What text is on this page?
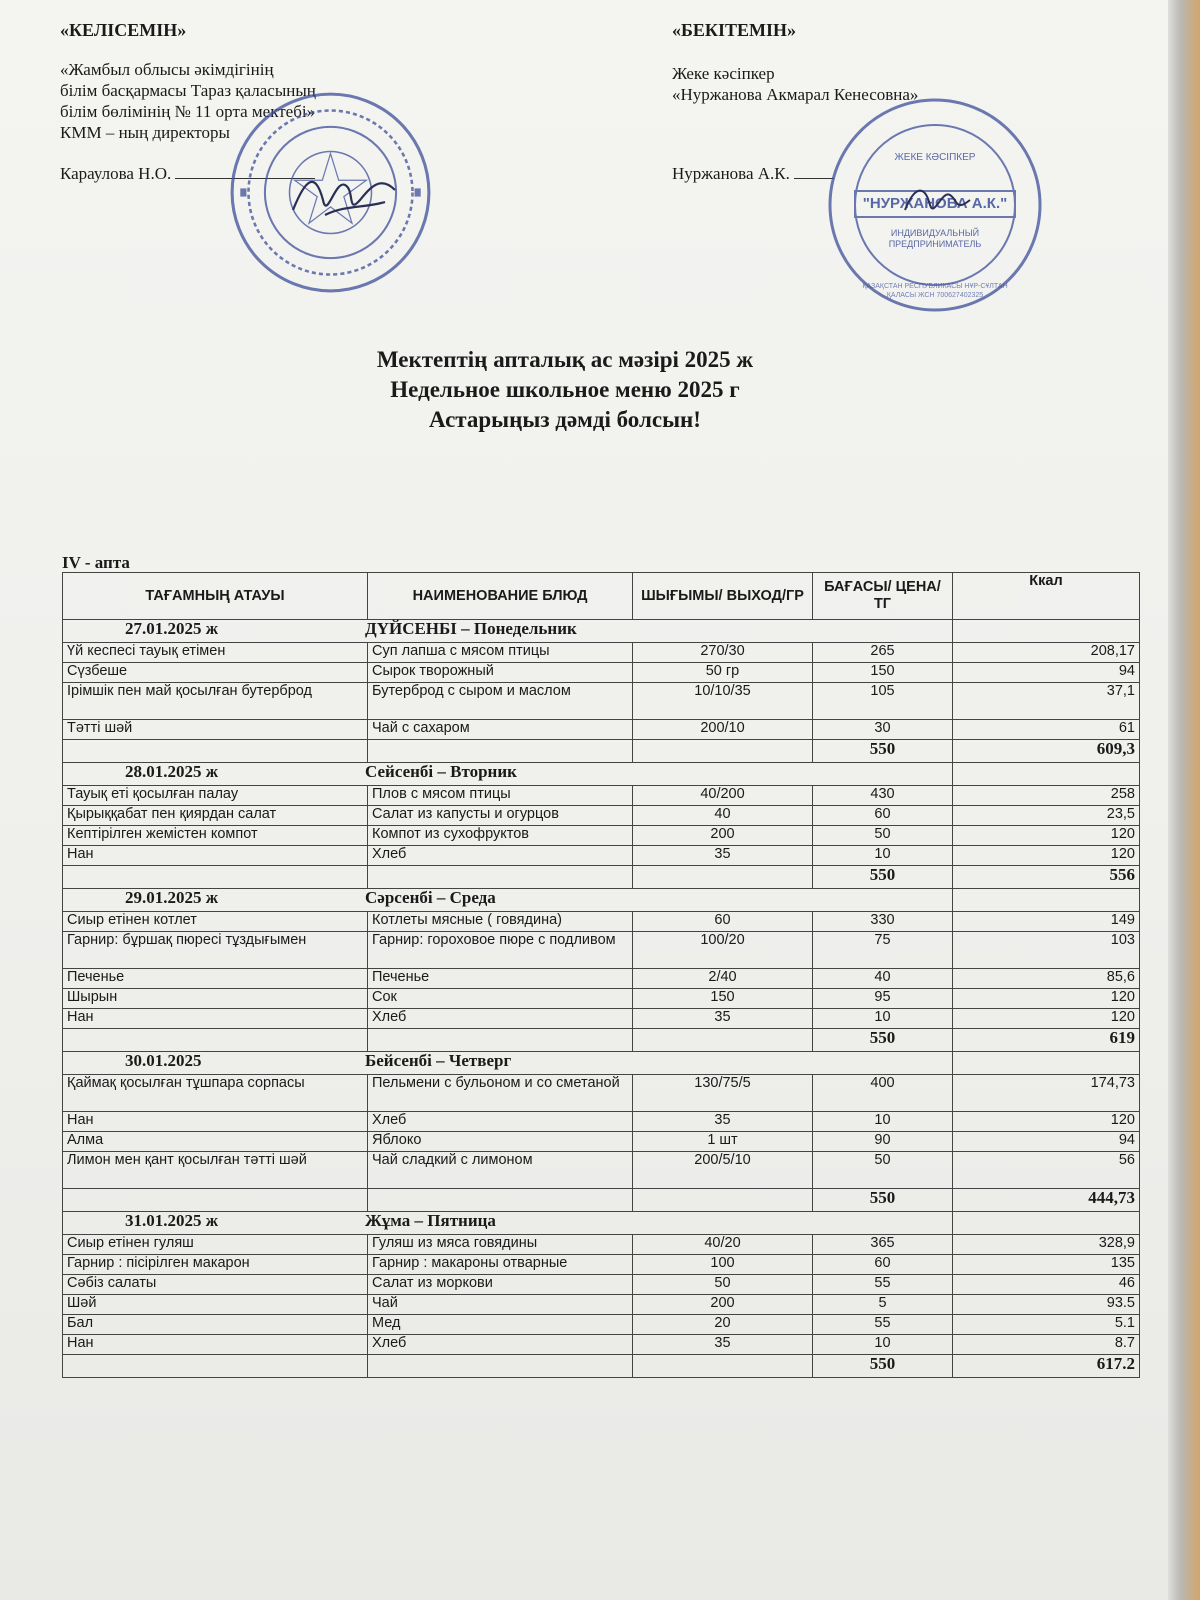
«КЕЛІСЕМІН»
«Жамбыл облысы әкімдігінің
білім басқармасы Тараз қаласының
білім бөлімінің № 11 орта мектебі»
КММ – ның директоры
Караулова Н.О.
«БЕКІТЕМІН»
Жеке кәсіпкер
«Нуржанова Акмарал Кенесовна»
Нуржанова А.К.
ЖЕКЕ КӘСІПКЕР
"НУРЖАНОВА А.К."
ИНДИВИДУАЛЬНЫЙ ПРЕДПРИНИМАТЕЛЬ
ҚАЗАҚСТАН РЕСПУБЛИКАСЫ НҰР-СҰЛТАН ҚАЛАСЫ ЖСН 700627402325
Мектептің апталық ас мәзірі 2025 ж
Недельное школьное меню 2025 г
Астарыңыз дәмді болсын!
IV - апта
ТАҒАМНЫҢ АТАУЫ	НАИМЕНОВАНИЕ БЛЮД	ШЫҒЫМЫ/ ВЫХОД/ГР	БАҒАСЫ/ ЦЕНА/ТГ	Ккал
27.01.2025 ж ДҮЙСЕНБІ – Понедельник				
Үй кеспесі тауық етімен	Суп лапша с мясом птицы	270/30	265	208,17
Сүзбеше	Сырок творожный	50 гр	150	94
Ірімшік пен май қосылған бутерброд	Бутерброд с сыром и маслом	10/10/35	105	37,1
Тәтті шәй	Чай с сахаром	200/10	30	61
			550	609,3
28.01.2025 ж Сейсенбі – Вторник				
Тауық еті қосылған палау	Плов с мясом птицы	40/200	430	258
Қырыққабат пен қиярдан салат	Салат из капусты и огурцов	40	60	23,5
Кептірілген жемістен компот	Компот из сухофруктов	200	50	120
Нан	Хлеб	35	10	120
			550	556
29.01.2025 ж Сәрсенбі – Среда				
Сиыр етінен котлет	Котлеты мясные ( говядина)	60	330	149
Гарнир: бұршақ пюресі тұздығымен	Гарнир: гороховое пюре с подливом	100/20	75	103
Печенье	Печенье	2/40	40	85,6
Шырын	Сок	150	95	120
Нан	Хлеб	35	10	120
			550	619
30.01.2025 Бейсенбі – Четверг				
Қаймақ қосылған тұшпара сорпасы	Пельмени с бульоном и со сметаной	130/75/5	400	174,73
Нан	Хлеб	35	10	120
Алма	Яблоко	1 шт	90	94
Лимон мен қант қосылған тәтті шәй	Чай сладкий с лимоном	200/5/10	50	56
			550	444,73
31.01.2025 ж Жұма – Пятница				
Сиыр етінен гуляш	Гуляш из мяса говядины	40/20	365	328,9
Гарнир : пісірілген макарон	Гарнир : макароны отварные	100	60	135
Сәбіз салаты	Салат из моркови	50	55	46
Шәй	Чай	200	5	93.5
Бал	Мед	20	55	5.1
Нан	Хлеб	35	10	8.7
			550	617.2
